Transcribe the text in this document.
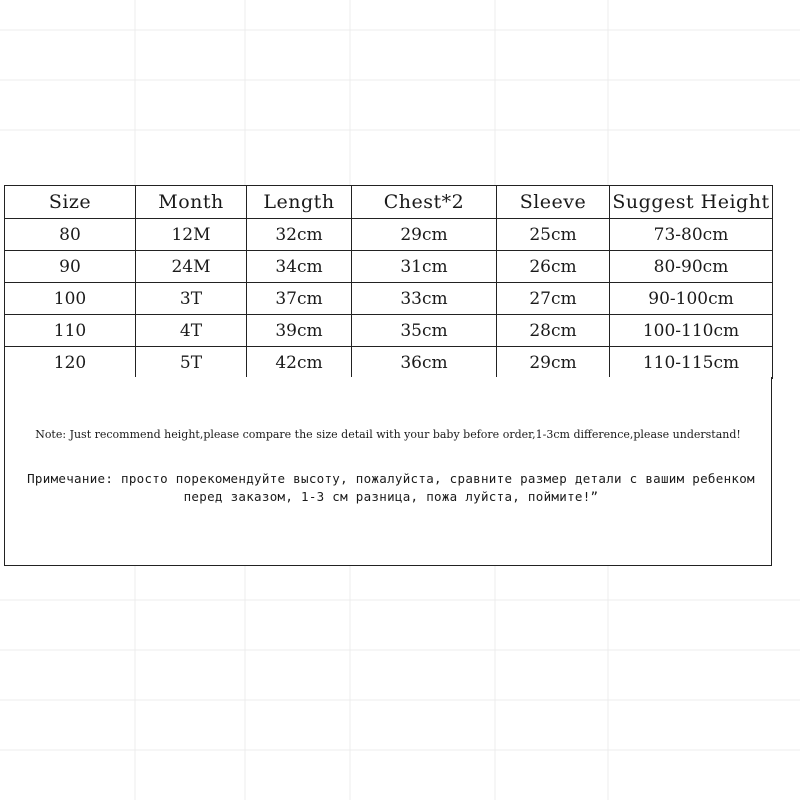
Size	Month	Length	Chest*2	Sleeve	Suggest Height
80	12M	32cm	29cm	25cm	73-80cm
90	24M	34cm	31cm	26cm	80-90cm
100	3T	37cm	33cm	27cm	90-100cm
110	4T	39cm	35cm	28cm	100-110cm
120	5T	42cm	36cm	29cm	110-115cm
Note: Just recommend height,please compare the size detail with your baby before order,1-3cm difference,please understand!
Примечание: просто порекомендуйте высоту, пожалуйста, сравните размер детали с вашим ребенком перед заказом, 1-3 см разница, пожа луйста, поймите!”
